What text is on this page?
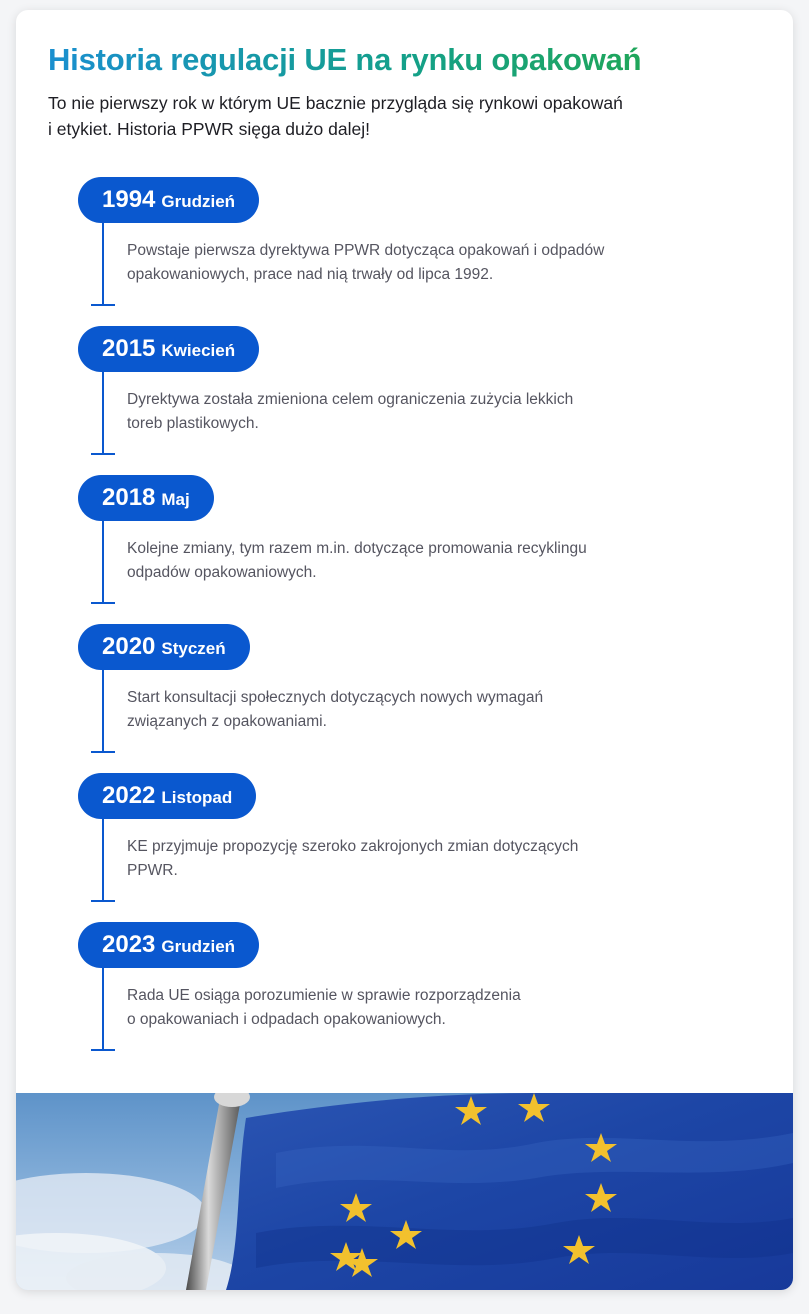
Historia regulacji UE na rynku opakowań
To nie pierwszy rok w którym UE bacznie przygląda się rynkowi opakowań
i etykiet. Historia PPWR sięga dużo dalej!
1994 Grudzień
Powstaje pierwsza dyrektywa PPWR dotycząca opakowań i odpadów
opakowaniowych, prace nad nią trwały od lipca 1992.
2015 Kwiecień
Dyrektywa została zmieniona celem ograniczenia zużycia lekkich
toreb plastikowych.
2018 Maj
Kolejne zmiany, tym razem m.in. dotyczące promowania recyklingu
odpadów opakowaniowych.
2020 Styczeń
Start konsultacji społecznych dotyczących nowych wymagań
związanych z opakowaniami.
2022 Listopad
KE przyjmuje propozycję szeroko zakrojonych zmian dotyczących
PPWR.
2023 Grudzień
Rada UE osiąga porozumienie w sprawie rozporządzenia
o opakowaniach i odpadach opakowaniowych.
